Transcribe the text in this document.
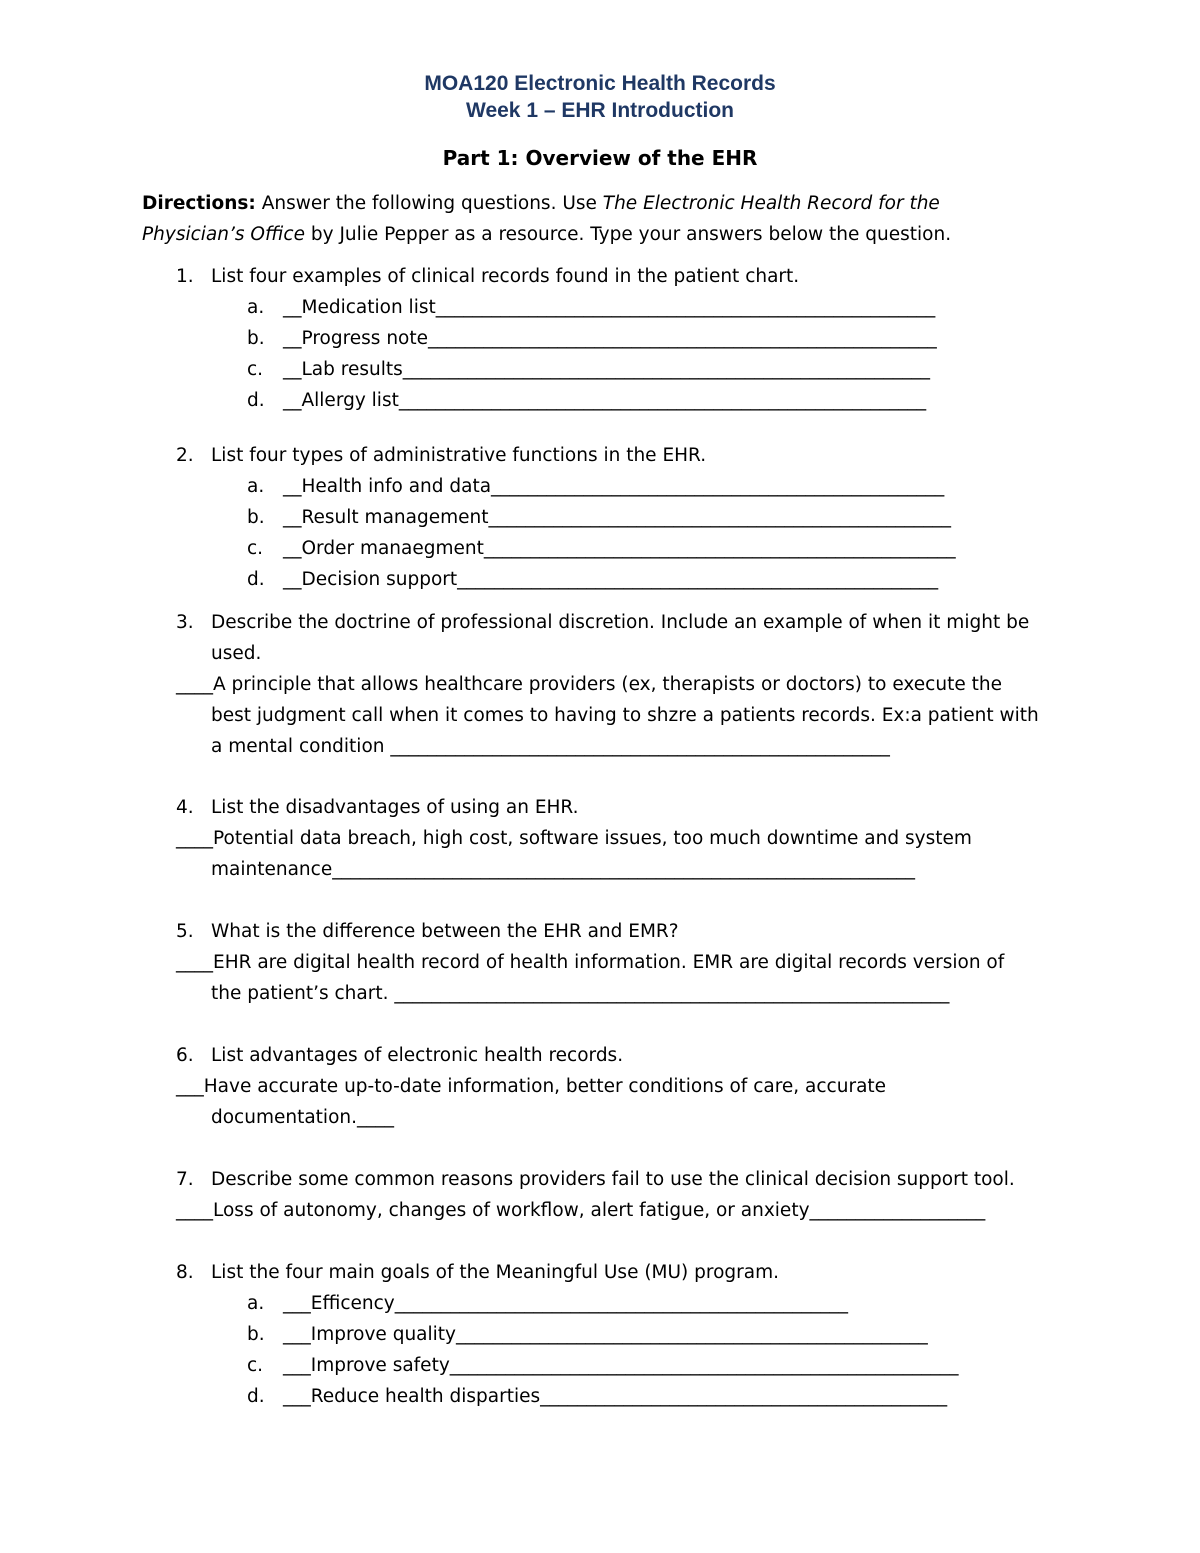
MOA120 Electronic Health Records
Week 1 – EHR Introduction
Part 1: Overview of the EHR
Directions: Answer the following questions. Use The Electronic Health Record for the
Physician’s Office by Julie Pepper as a resource. Type your answers below the question.
1. List four examples of clinical records found in the patient chart.
a. __Medication list______________________________________________________
b. __Progress note_______________________________________________________
c. __Lab results_________________________________________________________
d. __Allergy list_________________________________________________________
2. List four types of administrative functions in the EHR.
a. __Health info and data_________________________________________________
b. __Result management__________________________________________________
c. __Order manaegment___________________________________________________
d. __Decision support____________________________________________________
3. Describe the doctrine of professional discretion. Include an example of when it might be
used.
____A principle that allows healthcare providers (ex, therapists or doctors) to execute the
best judgment call when it comes to having to shzre a patients records. Ex:a patient with
a mental condition ______________________________________________________
4. List the disadvantages of using an EHR.
____Potential data breach, high cost, software issues, too much downtime and system
maintenance_______________________________________________________________
5. What is the difference between the EHR and EMR?
____EHR are digital health record of health information. EMR are digital records version of
the patient’s chart. ____________________________________________________________
6. List advantages of electronic health records.
___Have accurate up-to-date information, better conditions of care, accurate
documentation.____
7. Describe some common reasons providers fail to use the clinical decision support tool.
____Loss of autonomy, changes of workflow, alert fatigue, or anxiety___________________
8. List the four main goals of the Meaningful Use (MU) program.
a. ___Efficency_________________________________________________
b. ___Improve quality___________________________________________________
c. ___Improve safety_______________________________________________________
d. ___Reduce health disparties____________________________________________
